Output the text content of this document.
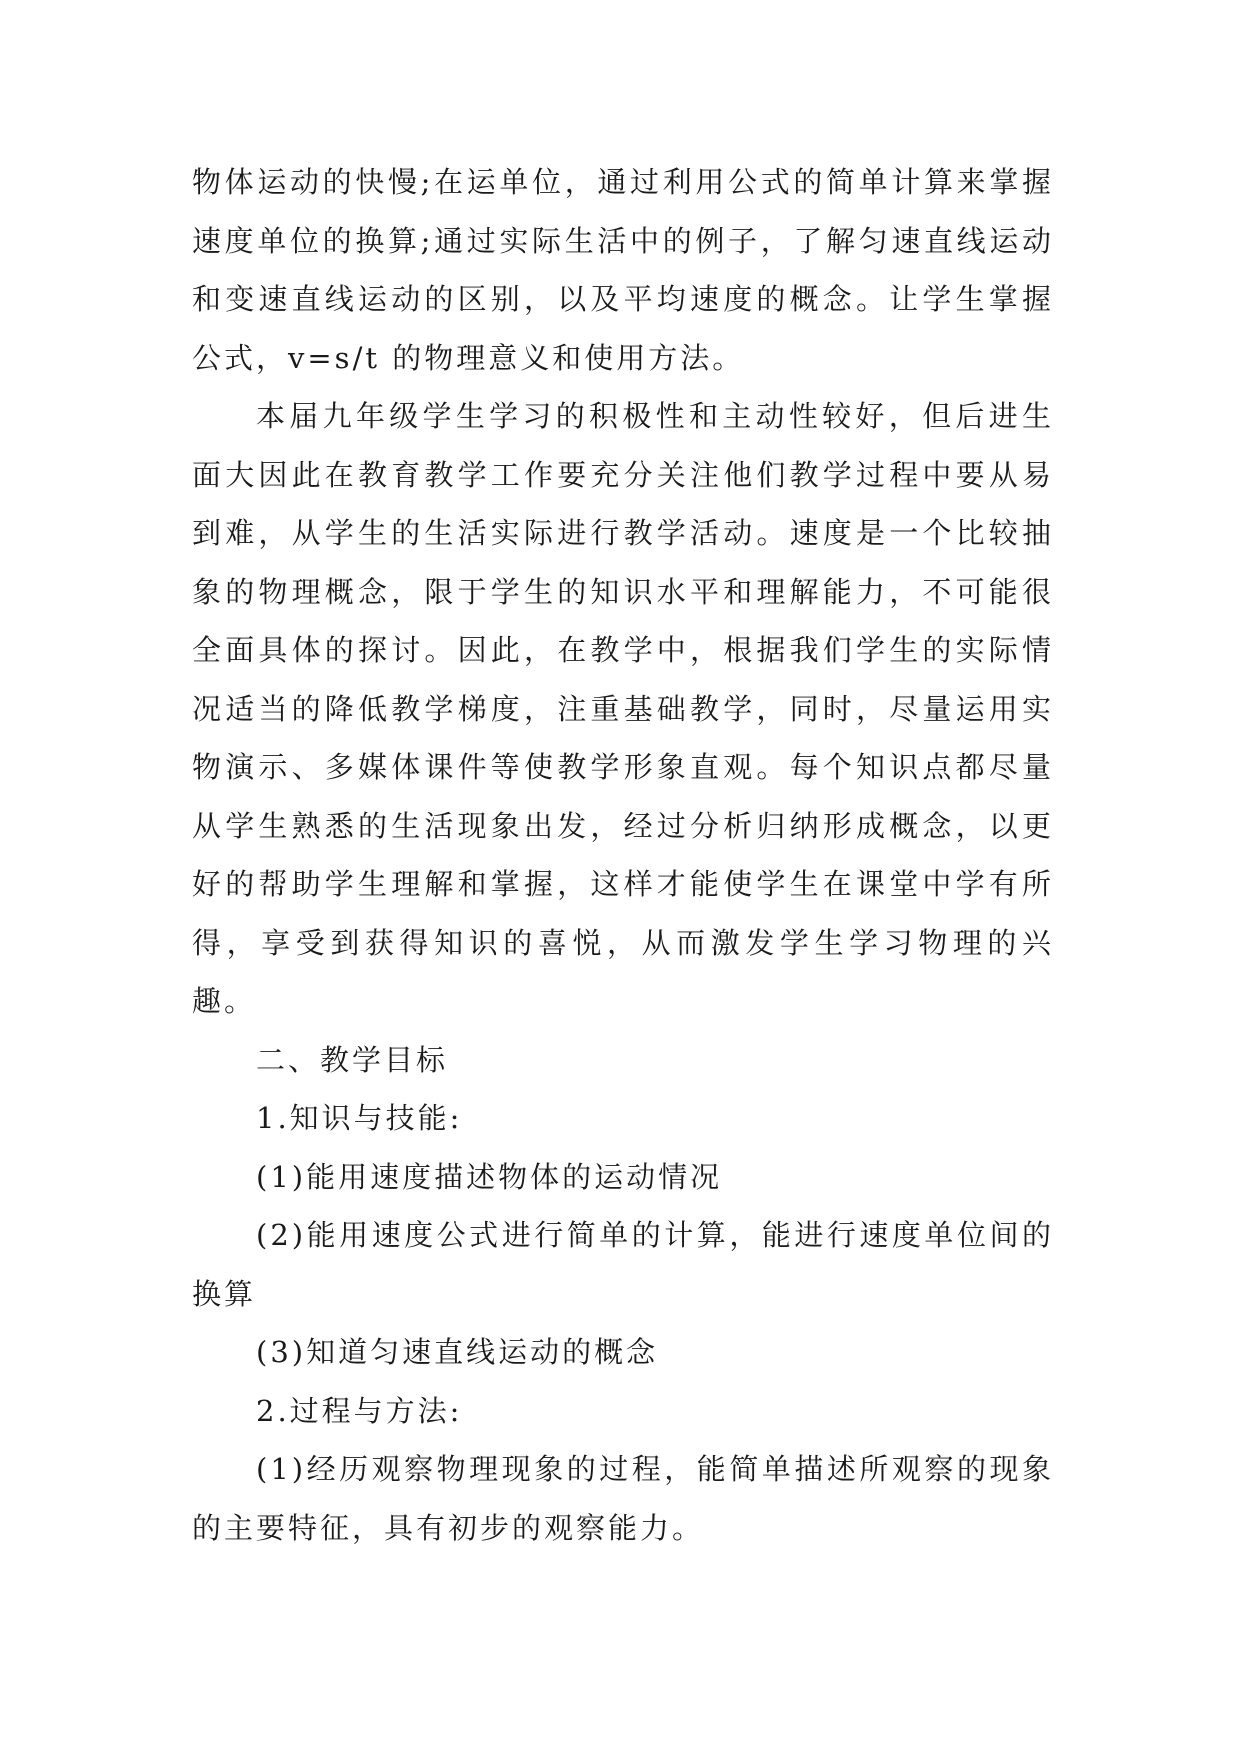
物体运动的快慢;在运单位，通过利用公式的简单计算来掌握速度单位的换算;通过实际生活中的例子，了解匀速直线运动和变速直线运动的区别，以及平均速度的概念。让学生掌握公式，v=s/t 的物理意义和使用方法。

本届九年级学生学习的积极性和主动性较好，但后进生面大因此在教育教学工作要充分关注他们教学过程中要从易到难，从学生的生活实际进行教学活动。速度是一个比较抽象的物理概念，限于学生的知识水平和理解能力，不可能很全面具体的探讨。因此，在教学中，根据我们学生的实际情况适当的降低教学梯度，注重基础教学，同时，尽量运用实物演示、多媒体课件等使教学形象直观。每个知识点都尽量从学生熟悉的生活现象出发，经过分析归纳形成概念，以更好的帮助学生理解和掌握，这样才能使学生在课堂中学有所得，享受到获得知识的喜悦，从而激发学生学习物理的兴趣。

二、教学目标

1.知识与技能:

(1)能用速度描述物体的运动情况

(2)能用速度公式进行简单的计算，能进行速度单位间的换算

(3)知道匀速直线运动的概念

2.过程与方法:

(1)经历观察物理现象的过程，能简单描述所观察的现象的主要特征，具有初步的观察能力。
